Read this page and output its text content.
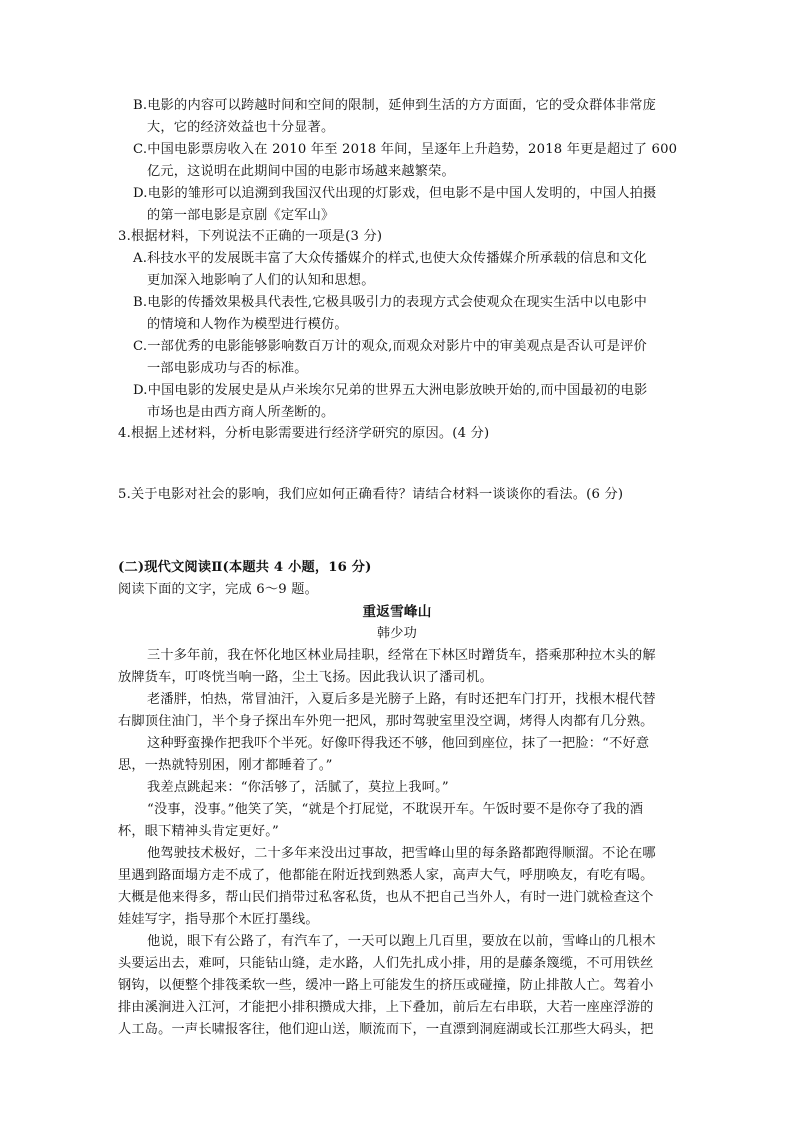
B.电影的内容可以跨越时间和空间的限制，延伸到生活的方方面面，它的受众群体非常庞
大，它的经济效益也十分显著。
C.中国电影票房收入在 2010 年至 2018 年间，呈逐年上升趋势，2018 年更是超过了 600
亿元，这说明在此期间中国的电影市场越来越繁荣。
D.电影的雏形可以追溯到我国汉代出现的灯影戏，但电影不是中国人发明的，中国人拍摄
的第一部电影是京剧《定军山》
3.根据材料，下列说法不正确的一项是(3 分)
A.科技水平的发展既丰富了大众传播媒介的样式,也使大众传播媒介所承载的信息和文化
更加深入地影响了人们的认知和思想。
B.电影的传播效果极具代表性,它极具吸引力的表现方式会使观众在现实生活中以电影中
的情境和人物作为模型进行模仿。
C.一部优秀的电影能够影响数百万计的观众,而观众对影片中的审美观点是否认可是评价
一部电影成功与否的标准。
D.中国电影的发展史是从卢米埃尔兄弟的世界五大洲电影放映开始的,而中国最初的电影
市场也是由西方商人所垄断的。
4.根据上述材料，分析电影需要进行经济学研究的原因。(4 分)
5.关于电影对社会的影响，我们应如何正确看待？请结合材料一谈谈你的看法。(6 分)
(二)现代文阅读Ⅱ(本题共 4 小题，16 分)
阅读下面的文字，完成 6～9 题。
重返雪峰山
韩少功
三十多年前，我在怀化地区林业局挂职，经常在下林区时蹭货车，搭乘那种拉木头的解
放牌货车，叮咚恍当响一路，尘土飞扬。因此我认识了潘司机。
老潘胖，怕热，常冒油汗，入夏后多是光膀子上路，有时还把车门打开，找根木棍代替
右脚顶住油门，半个身子探出车外兜一把风，那时驾驶室里没空调，烤得人肉都有几分熟。
这种野蛮操作把我吓个半死。好像吓得我还不够，他回到座位，抹了一把脸：“不好意
思，一热就特别困，刚才都睡着了。”
我差点跳起来：“你活够了，活腻了，莫拉上我呵。”
“没事，没事。”他笑了笑，“就是个打屁觉，不耽误开车。午饭时要不是你夺了我的酒
杯，眼下精神头肯定更好。”
他驾驶技术极好，二十多年来没出过事故，把雪峰山里的每条路都跑得顺溜。不论在哪
里遇到路面塌方走不成了，他都能在附近找到熟悉人家，高声大气，呼朋唤友，有吃有喝。
大概是他来得多，帮山民们捎带过私客私货，也从不把自己当外人，有时一进门就检查这个
娃娃写字，指导那个木匠打墨线。
他说，眼下有公路了，有汽车了，一天可以跑上几百里，要放在以前，雪峰山的几根木
头要运出去，难呵，只能钻山缝，走水路，人们先扎成小排，用的是藤条篾缆，不可用铁丝
钢钩，以便整个排筏柔软一些，缓冲一路上可能发生的挤压或碰撞，防止排散人亡。驾着小
排由溪涧进入江河，才能把小排积攒成大排，上下叠加，前后左右串联，大若一座座浮游的
人工岛。一声长啸报客往，他们迎山送，顺流而下，一直漂到洞庭湖或长江那些大码头，把
